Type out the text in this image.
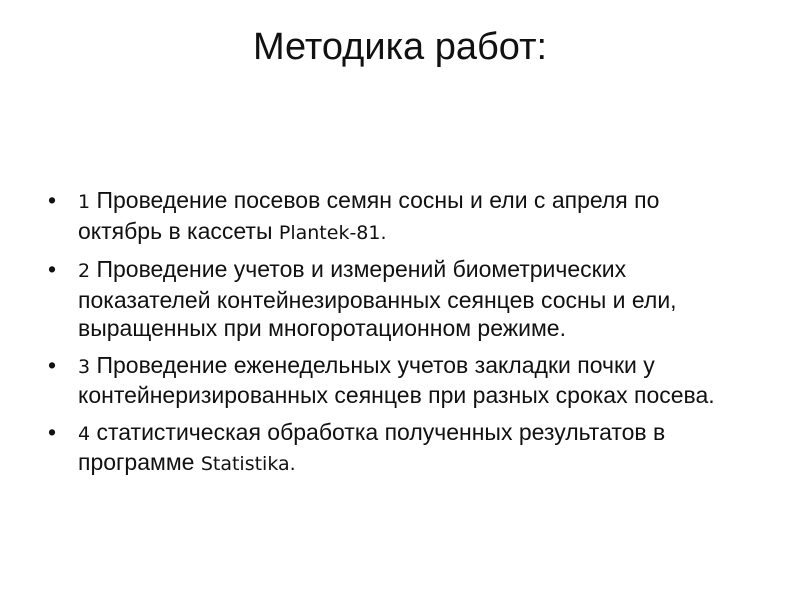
Методика работ:
•	1 Проведение посевов семян сосны и ели с апреля по октябрь в кассеты Plantek-81.
•	2 Проведение учетов и измерений биометрических показателей контейнезированных сеянцев сосны и ели, выращенных при многоротационном режиме.
•	3 Проведение еженедельных учетов закладки почки у контейнеризированных сеянцев при разных сроках посева.
•	4 статистическая обработка полученных результатов в программе Statistika.
